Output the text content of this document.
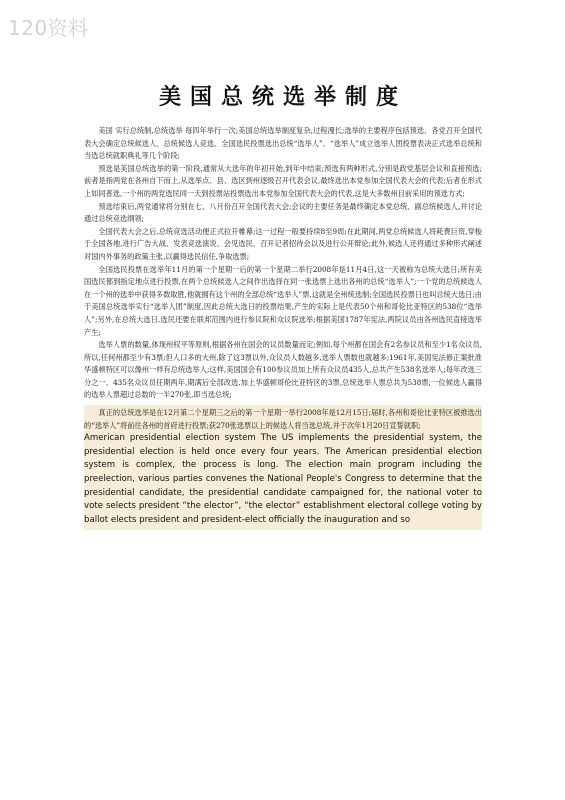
120资料
美国总统选举制度

美国 实行总统制,总统选举 每四年举行一次;美国总统选举制度复杂,过程漫长;选举的主要程序包括预选、各党召开全国代表大会确定总统候选人、总统候选人竞选、全国选民投票选出总统“选举人”、“选举人”成立选举人团投票表决正式选举总统和当选总统就职典礼等几个阶段;

预选是美国总统选举的第一阶段,通常从大选年的年初开始,到年中结束;预选有两种形式,分别是政党基层会议和直接预选;前者是指两党在各州自下而上,从选举点、县、选区到州逐级召开代表会议,最终选出本党参加全国代表大会的代表;后者在形式上如同普选,一个州的两党选民同一天到投票站投票选出本党参加全国代表大会的代表,这是大多数州目前采用的预选方式;

预选结束后,两党通常将分别在七、八月份召开全国代表大会;会议的主要任务是最终确定本党总统、副总统候选人,并讨论通过总统竞选纲领;

全国代表大会之后,总统竞选活动便正式拉开帷幕;这一过程一般要持续8至9周;在此期间,两党总统候选人将耗费巨资,穿梭于全国各地,进行广告大战、发表竞选演说、会见选民、召开记者招待会以及进行公开辩论;此外,候选人还将通过多种形式阐述对国内外事务的政策主张,以赢得选民信任,争取选票;

全国选民投票在选举年11月的第一个星期一后的第一个星期二举行2008年是11月4日,这一天被称为总统大选日;所有美国选民都到指定地点进行投票,在两个总统候选人之间作出选择在同一张选票上选出各州的总统“选举人”;一个党的总统候选人在一个州的选举中获得多数取胜,他就拥有这个州的全部总统“选举人”票,这就是全州统选制;全国选民投票日也叫总统大选日;由于美国总统选举实行“选举人团”制度,因此总统大选日的投票结果,产生的实际上是代表50个州和哥伦比亚特区的538位“选举人”;另外,在总统大选日,选民还要在联邦范围内进行参议院和众议院选举;根据美国1787年宪法,两院议员由各州选民直接选举产生;

选举人票的数量,体现州权平等原则,根据各州在国会的议员数量而定;例如,每个州都在国会有2名参议员和至少1名众议员,所以,任何州都至少有3票;但人口多的大州,除了这3票以外,众议员人数越多,选举人票数也就越多;1961年,美国宪法修正案批准华盛顿特区可以像州一样有总统选举人;这样,美国国会有100参议员加上所有众议员435人,总共产生538名选举人;每年改选三分之一、435名众议员任期两年,期满后全部改选,加上华盛顿哥伦比亚特区的3票,总统选举人票总共为538票;一位候选人赢得的选举人票超过总数的一半270张,即当选总统;

真正的总统选举是在12月第二个星期三之后的第一个星期一举行2008年是12月15日;届时,各州和哥伦比亚特区被推选出的“选举人”将前往各州的首府进行投票;获270张选票以上的候选人将当选总统,并于次年1月20日宣誓就职;

American presidential election system The US implements the presidential system, the presidential election is held once every four years. The American presidential election system is complex, the process is long. The election main program including the preelection, various parties convenes the National People's Congress to determine that the presidential candidate, the presidential candidate campaigned for, the national voter to vote selects president “the elector”, “the elector” establishment electoral college voting by ballot elects president and president-elect officially the inauguration and so
